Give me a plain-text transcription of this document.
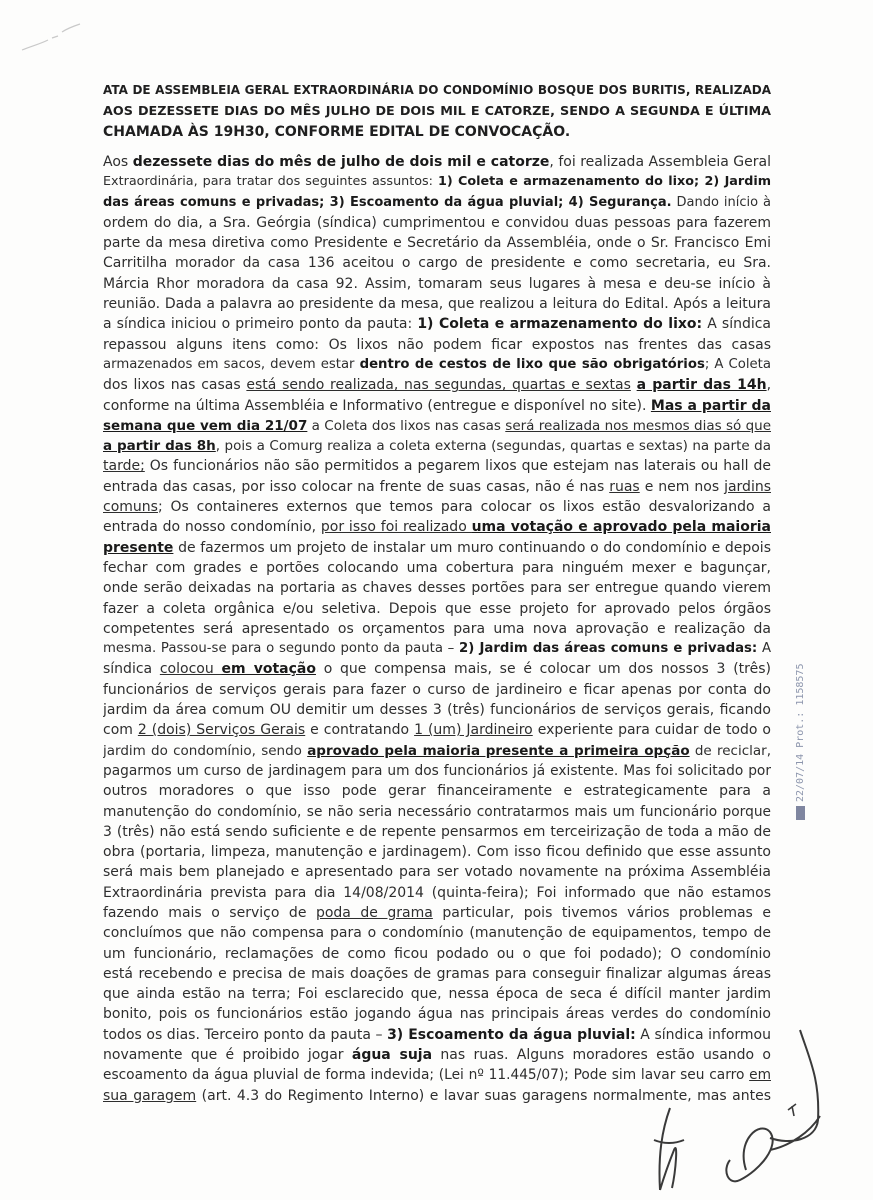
ATA DE ASSEMBLEIA GERAL EXTRAORDINÁRIA DO CONDOMÍNIO BOSQUE DOS BURITIS, REALIZADA
AOS DEZESSETE DIAS DO MÊS JULHO DE DOIS MIL E CATORZE, SENDO A SEGUNDA E ÚLTIMA
CHAMADA ÀS 19H30, CONFORME EDITAL DE CONVOCAÇÃO.
Aos dezessete dias do mês de julho de dois mil e catorze, foi realizada Assembleia Geral
Extraordinária, para tratar dos seguintes assuntos: 1) Coleta e armazenamento do lixo; 2) Jardim
das áreas comuns e privadas; 3) Escoamento da água pluvial; 4) Segurança. Dando início à
ordem do dia, a Sra. Geórgia (síndica) cumprimentou e convidou duas pessoas para fazerem
parte da mesa diretiva como Presidente e Secretário da Assembléia, onde o Sr. Francisco Emi
Carritilha morador da casa 136 aceitou o cargo de presidente e como secretaria, eu Sra.
Márcia Rhor moradora da casa 92. Assim, tomaram seus lugares à mesa e deu-se início à
reunião. Dada a palavra ao presidente da mesa, que realizou a leitura do Edital. Após a leitura
a síndica iniciou o primeiro ponto da pauta: 1) Coleta e armazenamento do lixo: A síndica
repassou alguns itens como: Os lixos não podem ficar expostos nas frentes das casas
armazenados em sacos, devem estar dentro de cestos de lixo que são obrigatórios; A Coleta
dos lixos nas casas está sendo realizada, nas segundas, quartas e sextas a partir das 14h,
conforme na última Assembléia e Informativo (entregue e disponível no site). Mas a partir da
semana que vem dia 21/07 a Coleta dos lixos nas casas será realizada nos mesmos dias só que
a partir das 8h, pois a Comurg realiza a coleta externa (segundas, quartas e sextas) na parte da
tarde; Os funcionários não são permitidos a pegarem lixos que estejam nas laterais ou hall de
entrada das casas, por isso colocar na frente de suas casas, não é nas ruas e nem nos jardins
comuns; Os containeres externos que temos para colocar os lixos estão desvalorizando a
entrada do nosso condomínio, por isso foi realizado uma votação e aprovado pela maioria
presente de fazermos um projeto de instalar um muro continuando o do condomínio e depois
fechar com grades e portões colocando uma cobertura para ninguém mexer e bagunçar,
onde serão deixadas na portaria as chaves desses portões para ser entregue quando vierem
fazer a coleta orgânica e/ou seletiva. Depois que esse projeto for aprovado pelos órgãos
competentes será apresentado os orçamentos para uma nova aprovação e realização da
mesma. Passou-se para o segundo ponto da pauta – 2) Jardim das áreas comuns e privadas: A
síndica colocou em votação o que compensa mais, se é colocar um dos nossos 3 (três)
funcionários de serviços gerais para fazer o curso de jardineiro e ficar apenas por conta do
jardim da área comum OU demitir um desses 3 (três) funcionários de serviços gerais, ficando
com 2 (dois) Serviços Gerais e contratando 1 (um) Jardineiro experiente para cuidar de todo o
jardim do condomínio, sendo aprovado pela maioria presente a primeira opção de reciclar,
pagarmos um curso de jardinagem para um dos funcionários já existente. Mas foi solicitado por
outros moradores o que isso pode gerar financeiramente e estrategicamente para a
manutenção do condomínio, se não seria necessário contratarmos mais um funcionário porque
3 (três) não está sendo suficiente e de repente pensarmos em terceirização de toda a mão de
obra (portaria, limpeza, manutenção e jardinagem). Com isso ficou definido que esse assunto
será mais bem planejado e apresentado para ser votado novamente na próxima Assembléia
Extraordinária prevista para dia 14/08/2014 (quinta-feira); Foi informado que não estamos
fazendo mais o serviço de poda de grama particular, pois tivemos vários problemas e
concluímos que não compensa para o condomínio (manutenção de equipamentos, tempo de
um funcionário, reclamações de como ficou podado ou o que foi podado); O condomínio
está recebendo e precisa de mais doações de gramas para conseguir finalizar algumas áreas
que ainda estão na terra; Foi esclarecido que, nessa época de seca é difícil manter jardim
bonito, pois os funcionários estão jogando água nas principais áreas verdes do condomínio
todos os dias. Terceiro ponto da pauta – 3) Escoamento da água pluvial: A síndica informou
novamente que é proibido jogar água suja nas ruas. Alguns moradores estão usando o
escoamento da água pluvial de forma indevida; (Lei nº 11.445/07); Pode sim lavar seu carro em
sua garagem (art. 4.3 do Regimento Interno) e lavar suas garagens normalmente, mas antes
22/07/14 Prot.: 1158575
